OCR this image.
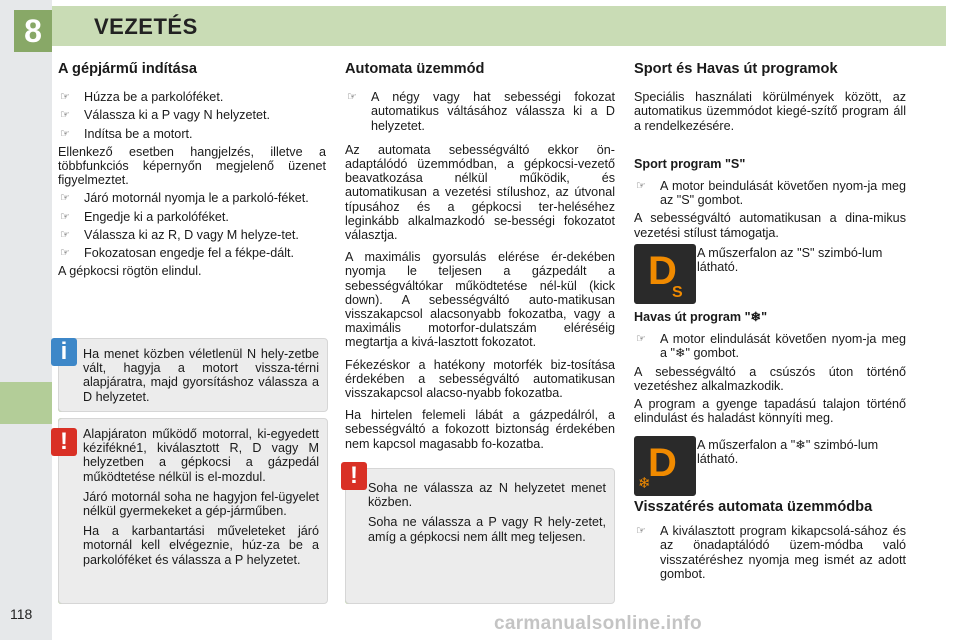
8	VEZETÉS
A gépjármű indítása
☞ Húzza be a parkolóféket.
☞ Válassza ki a P vagy N helyzetet.
☞ Indítsa be a motort.

Ellenkező esetben hangjelzés, illetve a többfunkciós képernyőn megjelenő üzenet figyelmeztet.

☞ Járó motornál nyomja le a parkoló-féket.
☞ Engedje ki a parkolóféket.
☞ Válassza ki az R, D vagy M helyze-tet.
☞ Fokozatosan engedje fel a fékpe-dált.

A gépkocsi rögtön elindul.

Ha menet közben véletlenül N hely-zetbe vált, hagyja a motort vissza-térni alapjáratra, majd gyorsításhoz válassza a D helyzetet.

i

Alapjáraton működő motorral, ki-egyedett kézifékné1, kiválasztott R, D vagy M helyzetben a gépkocsi a gázpedál működtetése nélkül is el-mozdul.

Járó motornál soha ne hagyjon fel-ügyelet nélkül gyermekeket a gép-járműben.

Ha a karbantartási műveleteket járó motornál kell elvégeznie, húz-za be a parkolóféket és válassza a P helyzetet.

!
Automata üzemmód
☞ A négy vagy hat sebességi fokozat automatikus váltásához válassza ki a D helyzetet.

Az automata sebességváltó ekkor ön-adaptálódó üzemmódban, a gépkocsi-vezető beavatkozása nélkül működik, és automatikusan a vezetési stílushoz, az útvonal típusához és a gépkocsi ter-heléséhez leginkább alkalmazkodó se-bességi fokozatot választja.

A maximális gyorsulás elérése ér-dekében nyomja le teljesen a gázpedált a sebességváltókar működtetése nél-kül (kick down). A sebességváltó auto-matikusan visszakapcsol alacsonyabb fokozatba, vagy a maximális motorfor-dulatszám eléréséig megtartja a kivá-lasztott fokozatot.

Fékezéskor a hatékony motorfék biz-tosítása érdekében a sebességváltó automatikusan visszakapcsol alacso-nyabb fokozatba.

Ha hirtelen felemeli lábát a gázpedálról, a sebességváltó a fokozott biztonság érdekében nem kapcsol magasabb fo-kozatba.

Soha ne válassza az N helyzetet menet közben.

Soha ne válassza a P vagy R hely-zetet, amíg a gépkocsi nem állt meg teljesen.

!
Sport és Havas út programok

Speciális használati körülmények között, az automatikus üzemmódot kiegé-szítő program áll a rendelkezésére.

Sport program "S"
☞ A motor beindulását követően nyom-ja meg az "S" gombot.

A sebességváltó automatikusan a dina-mikus vezetési stílust támogatja.

D
S
A műszerfalon az "S" szimbó-lum látható.
Havas út program "❄"
☞ A motor elindulását követően nyom-ja meg a "❄" gombot.

A sebességváltó a csúszós úton történő vezetéshez alkalmazkodik.

A program a gyenge tapadású talajon történő elindulást és haladást könnyíti meg.

D
❄
A műszerfalon a "❄" szimbó-lum látható.
Visszatérés automata üzemmódba
☞ A kiválasztott program kikapcsolá-sához és az önadaptálódó üzem-módba való visszatéréshez nyomja meg ismét az adott gombot.
118	carmanualsonline.info
